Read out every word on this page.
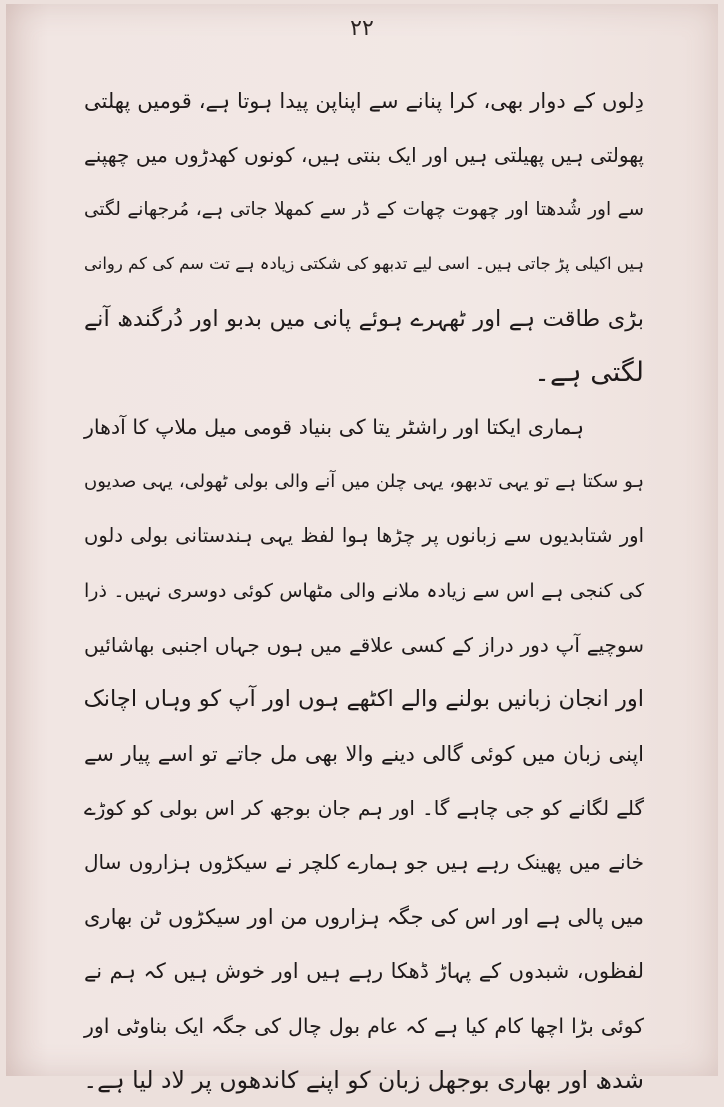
۲۲
دِلوں کے دوار بھی، کرا پنانے سے اپناپن پیدا ہوتا ہے، قومیں پھلتی
پھولتی ہیں پھیلتی ہیں اور ایک بنتی ہیں، کونوں کھدڑوں میں چھپنے
سے اور شُدھتا اور چھوت چھات کے ڈر سے کمھلا جاتی ہے، مُرجھانے لگتی
ہیں اکیلی پڑ جاتی ہیں۔ اسی لیے تدبھو کی شکتی زیادہ ہے تت سم کی کم روانی
بڑی طاقت ہے اور ٹھہرے ہوئے پانی میں بدبو اور دُرگندھ آنے
لگتی ہے۔
ہماری ایکتا اور راشٹر یتا کی بنیاد قومی میل ملاپ کا آدھار
ہو سکتا ہے تو یہی تدبھو، یہی چلن میں آنے والی بولی ٹھولی، یہی صدیوں
اور شتابدیوں سے زبانوں پر چڑھا ہوا لفظ یہی ہندستانی بولی دلوں
کی کنجی ہے اس سے زیادہ ملانے والی مٹھاس کوئی دوسری نہیں۔ ذرا
سوچیے آپ دور دراز کے کسی علاقے میں ہوں جہاں اجنبی بھاشائیں
اور انجان زبانیں بولنے والے اکٹھے ہوں اور آپ کو وہاں اچانک
اپنی زبان میں کوئی گالی دینے والا بھی مل جاتے تو اسے پیار سے
گلے لگانے کو جی چاہے گا۔ اور ہم جان بوجھ کر اس بولی کو کوڑے
خانے میں پھینک رہے ہیں جو ہمارے کلچر نے سیکڑوں ہزاروں سال
میں پالی ہے اور اس کی جگہ ہزاروں من اور سیکڑوں ٹن بھاری
لفظوں، شبدوں کے پہاڑ ڈھکا رہے ہیں اور خوش ہیں کہ ہم نے
کوئی بڑا اچھا کام کیا ہے کہ عام بول چال کی جگہ ایک بناوٹی اور
شدھ اور بھاری بوجھل زبان کو اپنے کاندھوں پر لاد لیا ہے۔
